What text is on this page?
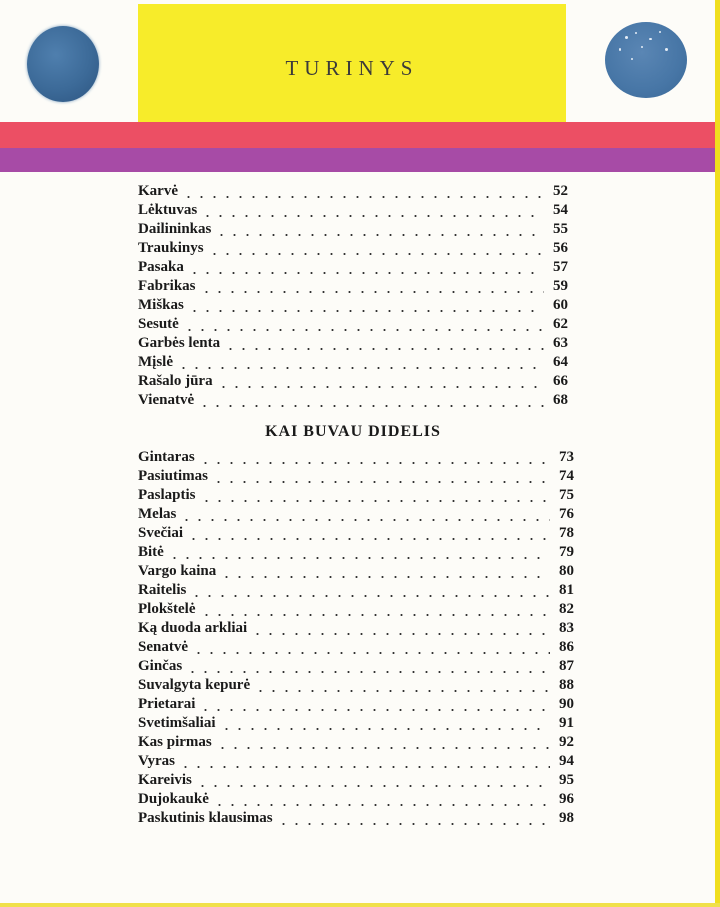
TURINYS
Karvė	52
Lėktuvas	54
Dailininkas	55
Traukinys	56
Pasaka	57
Fabrikas	59
Miškas	60
Sesutė	62
Garbės lenta	63
Mįslė	64
Rašalo jūra	66
Vienatvė	68
KAI BUVAU DIDELIS
Gintaras	73
Pasiutimas	74
Paslaptis	75
Melas	76
Svečiai	78
Bitė	79
Vargo kaina	80
Raitelis	81
Plokštelė	82
Ką duoda arkliai	83
Senatvė	86
Ginčas	87
Suvalgyta kepurė	88
Prietarai	90
Svetimšaliai	91
Kas pirmas	92
Vyras	94
Kareivis	95
Dujokaukė	96
Paskutinis klausimas	98
